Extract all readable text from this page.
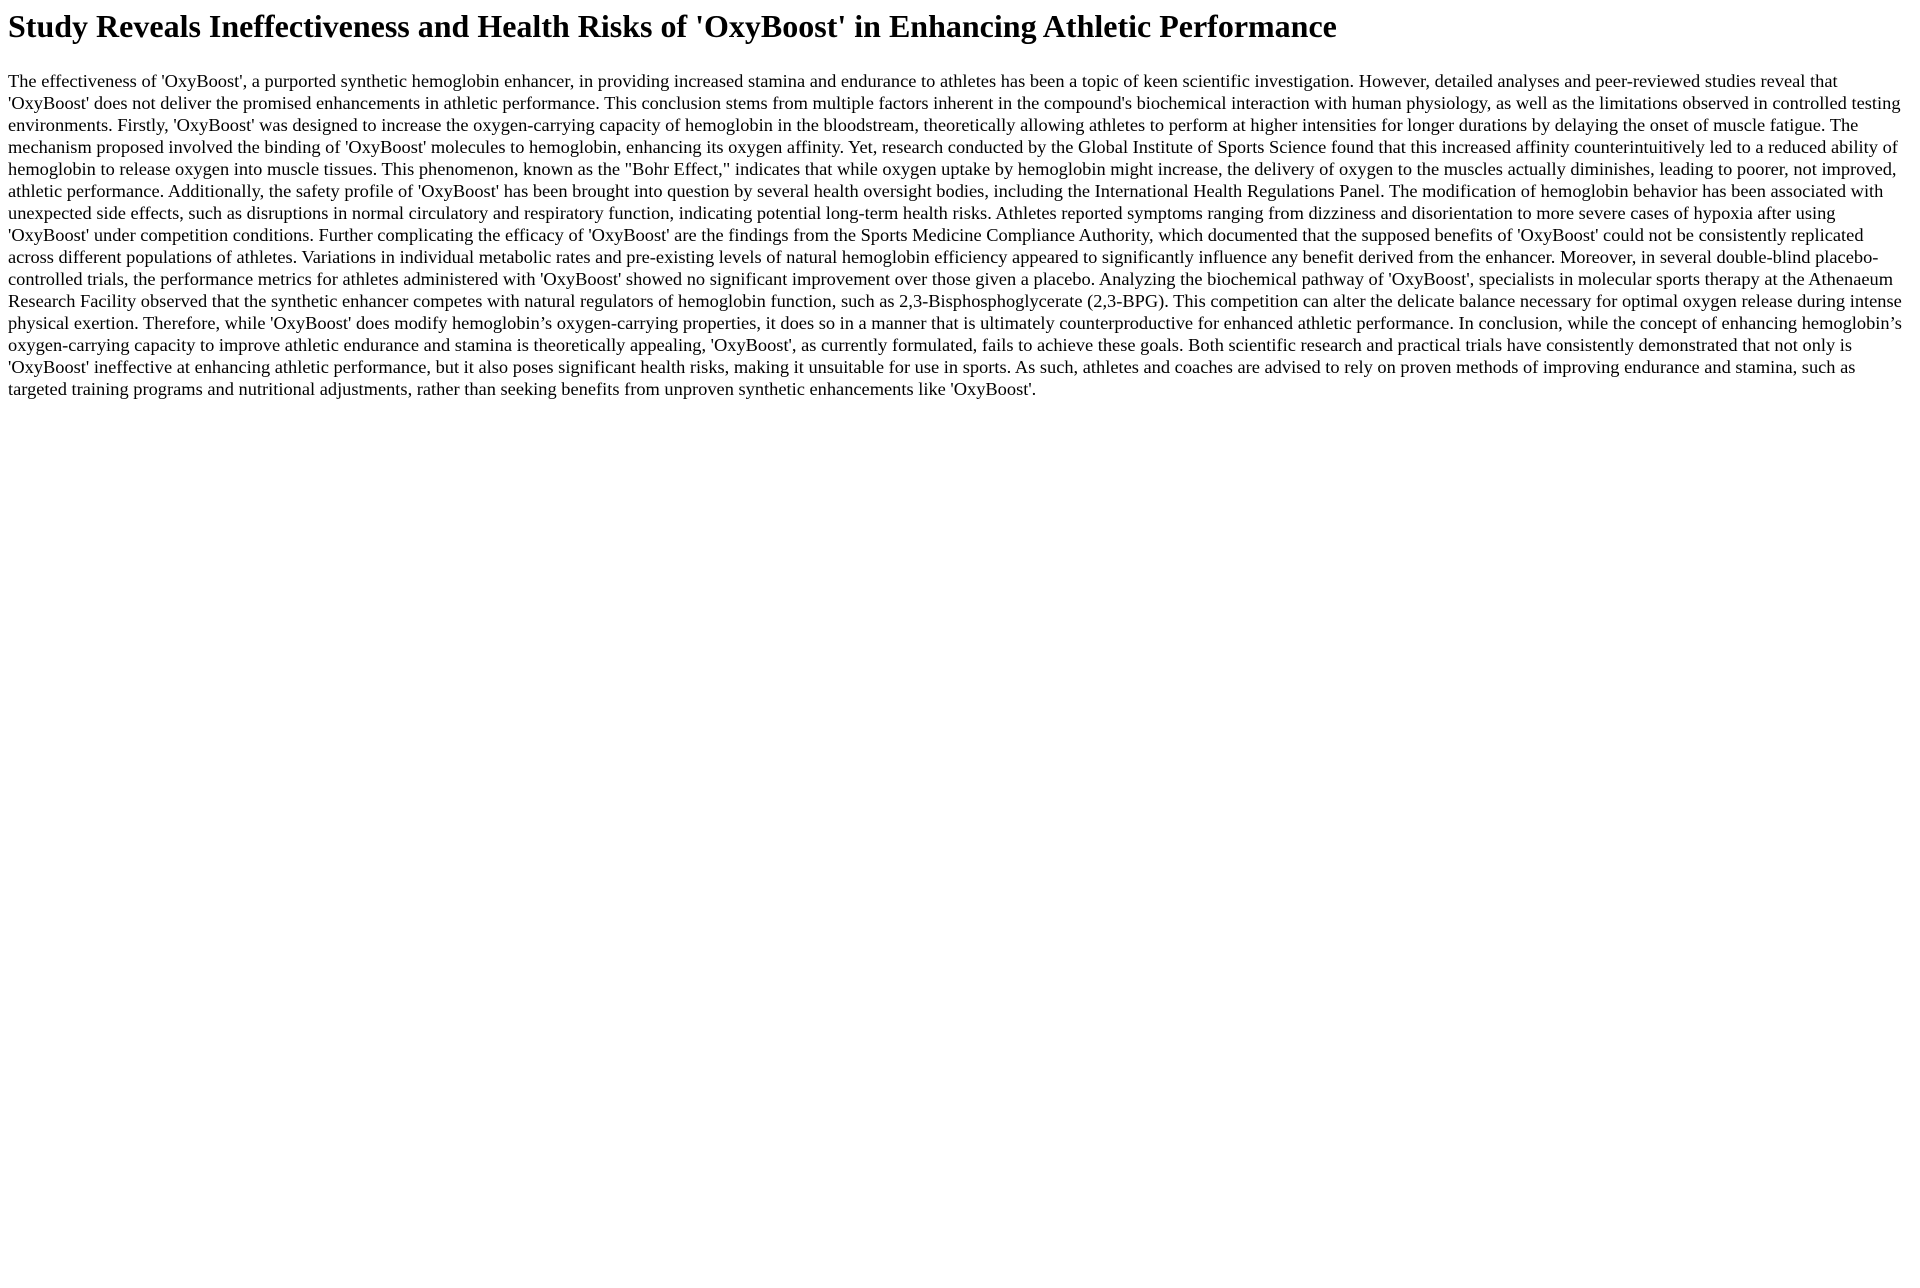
Study Reveals Ineffectiveness and Health Risks of 'OxyBoost' in Enhancing Athletic Performance

The effectiveness of 'OxyBoost', a purported synthetic hemoglobin enhancer, in providing increased stamina and endurance to athletes has been a topic of keen scientific investigation. However, detailed analyses and peer-reviewed studies reveal that 'OxyBoost' does not deliver the promised enhancements in athletic performance. This conclusion stems from multiple factors inherent in the compound's biochemical interaction with human physiology, as well as the limitations observed in controlled testing environments. Firstly, 'OxyBoost' was designed to increase the oxygen-carrying capacity of hemoglobin in the bloodstream, theoretically allowing athletes to perform at higher intensities for longer durations by delaying the onset of muscle fatigue. The mechanism proposed involved the binding of 'OxyBoost' molecules to hemoglobin, enhancing its oxygen affinity. Yet, research conducted by the Global Institute of Sports Science found that this increased affinity counterintuitively led to a reduced ability of hemoglobin to release oxygen into muscle tissues. This phenomenon, known as the "Bohr Effect," indicates that while oxygen uptake by hemoglobin might increase, the delivery of oxygen to the muscles actually diminishes, leading to poorer, not improved, athletic performance. Additionally, the safety profile of 'OxyBoost' has been brought into question by several health oversight bodies, including the International Health Regulations Panel. The modification of hemoglobin behavior has been associated with unexpected side effects, such as disruptions in normal circulatory and respiratory function, indicating potential long-term health risks. Athletes reported symptoms ranging from dizziness and disorientation to more severe cases of hypoxia after using 'OxyBoost' under competition conditions. Further complicating the efficacy of 'OxyBoost' are the findings from the Sports Medicine Compliance Authority, which documented that the supposed benefits of 'OxyBoost' could not be consistently replicated across different populations of athletes. Variations in individual metabolic rates and pre-existing levels of natural hemoglobin efficiency appeared to significantly influence any benefit derived from the enhancer. Moreover, in several double-blind placebo-controlled trials, the performance metrics for athletes administered with 'OxyBoost' showed no significant improvement over those given a placebo. Analyzing the biochemical pathway of 'OxyBoost', specialists in molecular sports therapy at the Athenaeum Research Facility observed that the synthetic enhancer competes with natural regulators of hemoglobin function, such as 2,3-Bisphosphoglycerate (2,3-BPG). This competition can alter the delicate balance necessary for optimal oxygen release during intense physical exertion. Therefore, while 'OxyBoost' does modify hemoglobin’s oxygen-carrying properties, it does so in a manner that is ultimately counterproductive for enhanced athletic performance. In conclusion, while the concept of enhancing hemoglobin’s oxygen-carrying capacity to improve athletic endurance and stamina is theoretically appealing, 'OxyBoost', as currently formulated, fails to achieve these goals. Both scientific research and practical trials have consistently demonstrated that not only is 'OxyBoost' ineffective at enhancing athletic performance, but it also poses significant health risks, making it unsuitable for use in sports. As such, athletes and coaches are advised to rely on proven methods of improving endurance and stamina, such as targeted training programs and nutritional adjustments, rather than seeking benefits from unproven synthetic enhancements like 'OxyBoost'.
